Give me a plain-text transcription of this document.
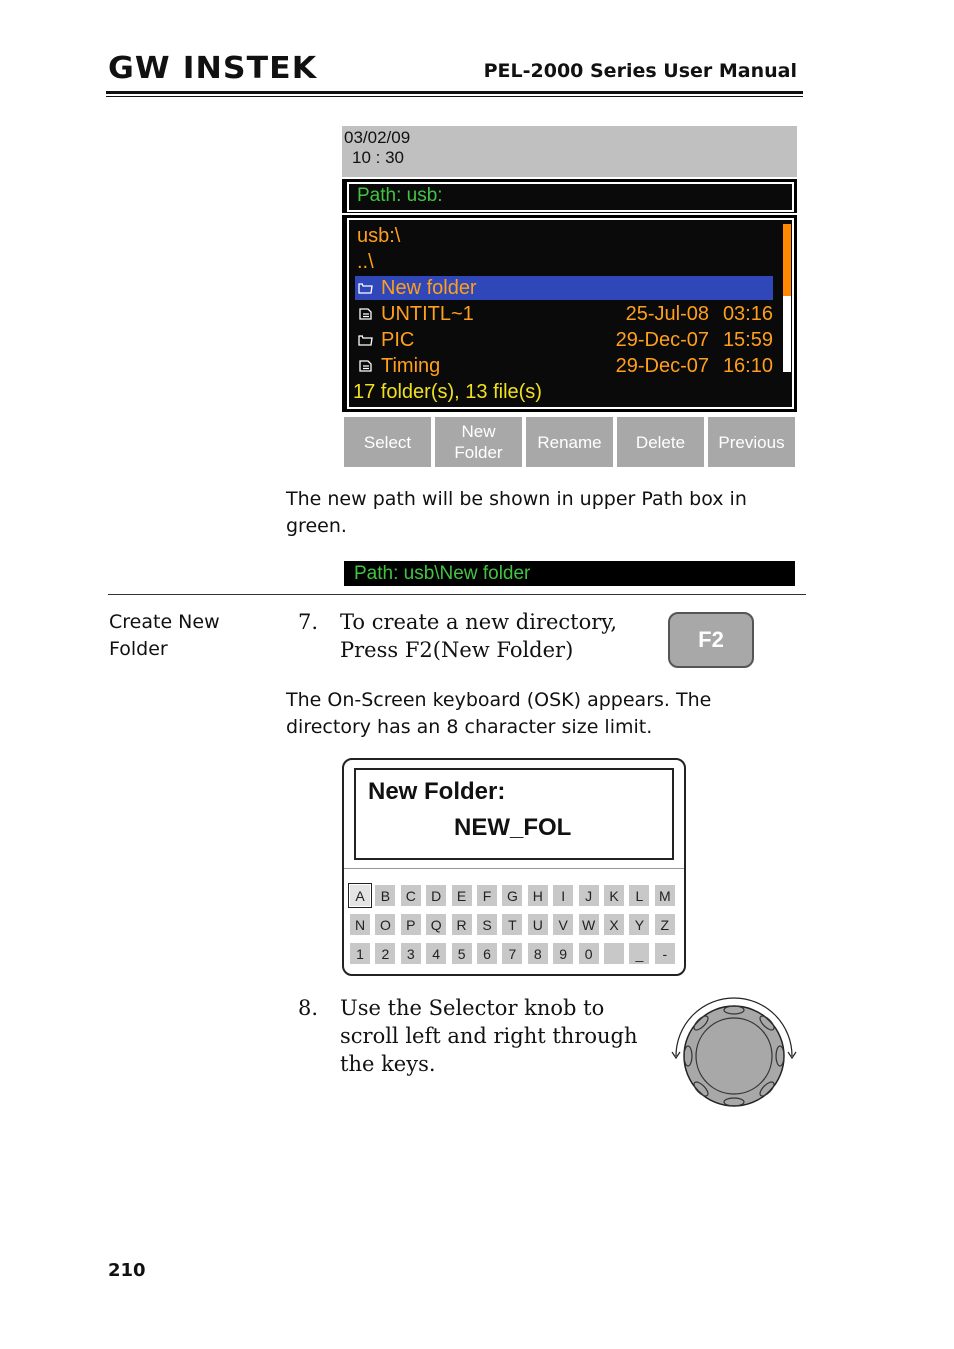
GW INSTEK	PEL-2000 Series User Manual
03/02/09
10 : 30
Path: usb:
17 folder(s), 13 file(s)
usb:\
..\
New folder
UNTITL~1	25-Jul-08 03:16
PIC	29-Dec-07 15:59
Timing	29-Dec-07 16:10
Select
New
Folder
Rename Delete Previous
The new path will be shown in upper Path box in green.
Path: usb\New folder
Create New Folder
7. To create a new directory, Press F2(New Folder)	F2
The On-Screen keyboard (OSK) appears. The directory has an 8 character size limit.
New Folder:
NEW_FOL
A	B	C	D	E	F	G	H	I	J	K	L	M
N	O	P	Q	R	S	T	U	V	W	X	Y	Z
1	2	3	4	5	6	7	8	9	0	_	-
8. Use the Selector knob to scroll left and right through the keys.
210
